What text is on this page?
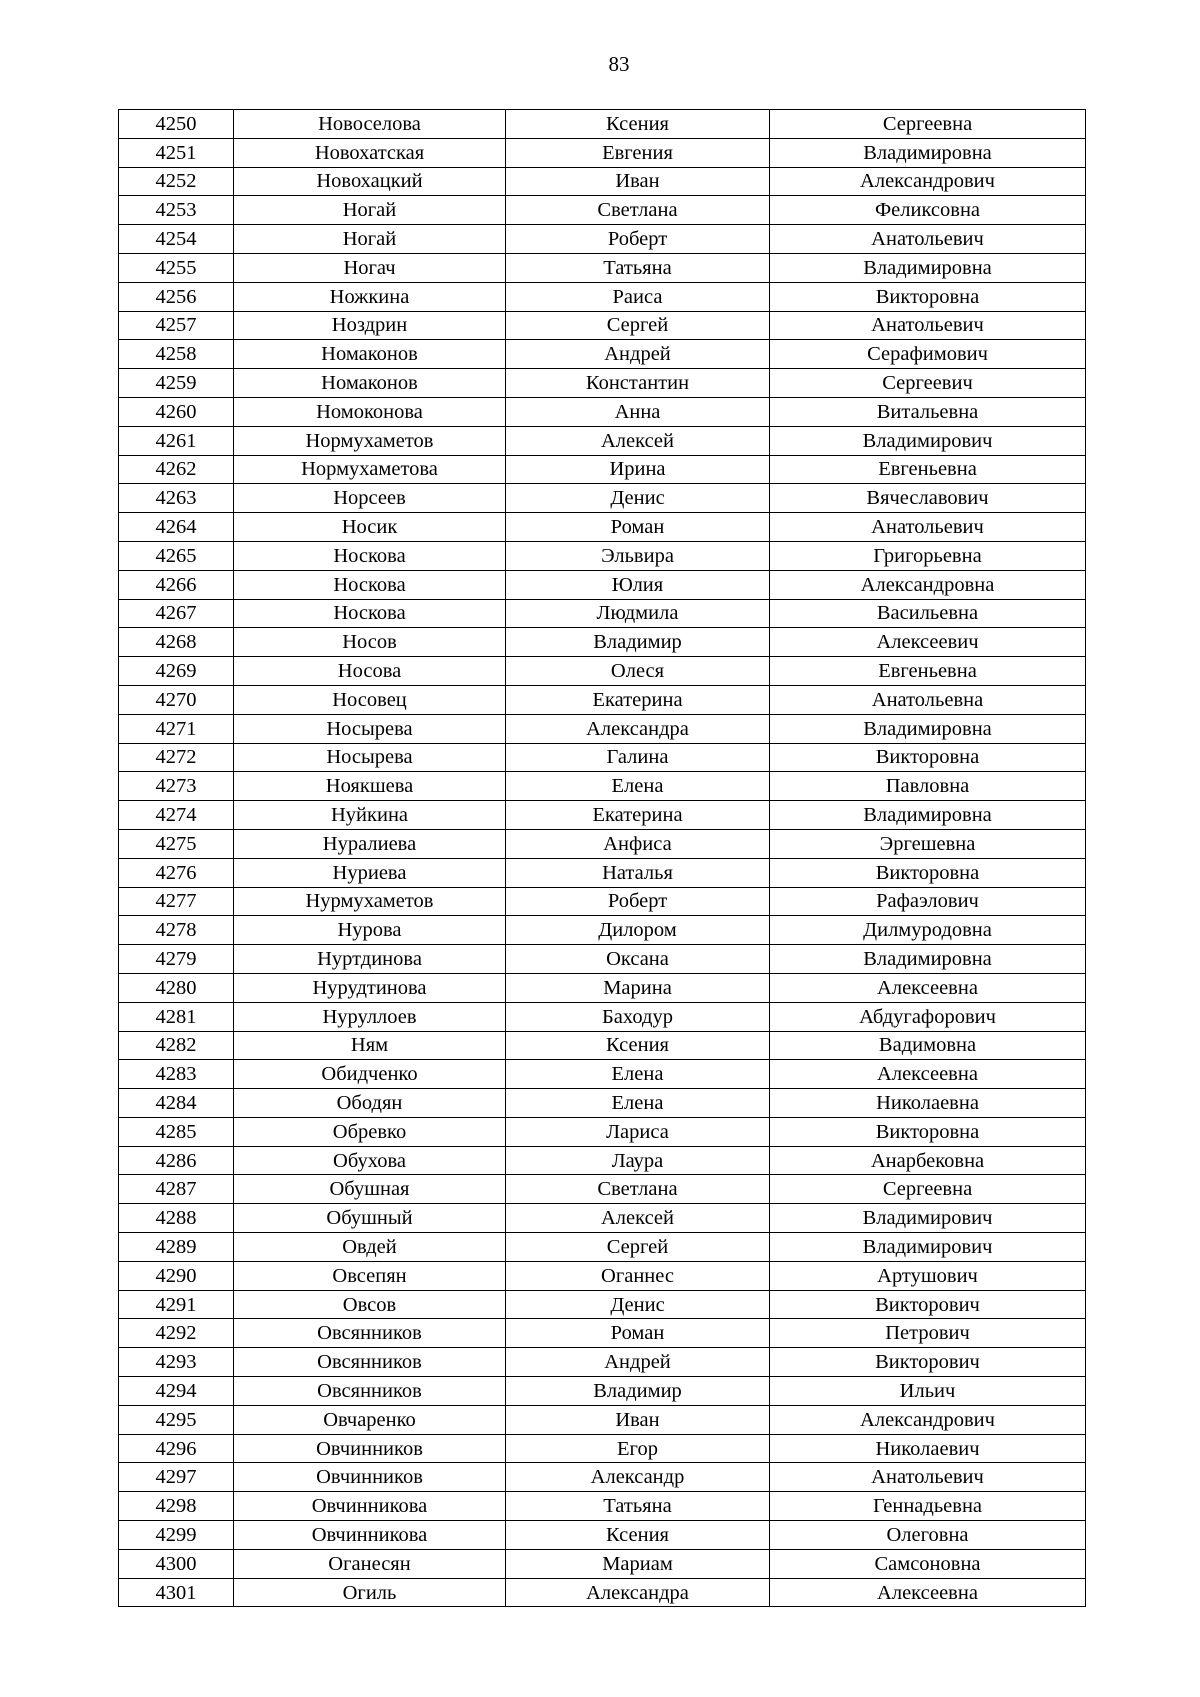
83
4250	Новоселова	Ксения	Сергеевна
4251	Новохатская	Евгения	Владимировна
4252	Новохацкий	Иван	Александрович
4253	Ногай	Светлана	Феликсовна
4254	Ногай	Роберт	Анатольевич
4255	Ногач	Татьяна	Владимировна
4256	Ножкина	Раиса	Викторовна
4257	Ноздрин	Сергей	Анатольевич
4258	Номаконов	Андрей	Серафимович
4259	Номаконов	Константин	Сергеевич
4260	Номоконова	Анна	Витальевна
4261	Нормухаметов	Алексей	Владимирович
4262	Нормухаметова	Ирина	Евгеньевна
4263	Норсеев	Денис	Вячеславович
4264	Носик	Роман	Анатольевич
4265	Носкова	Эльвира	Григорьевна
4266	Носкова	Юлия	Александровна
4267	Носкова	Людмила	Васильевна
4268	Носов	Владимир	Алексеевич
4269	Носова	Олеся	Евгеньевна
4270	Носовец	Екатерина	Анатольевна
4271	Носырева	Александра	Владимировна
4272	Носырева	Галина	Викторовна
4273	Ноякшева	Елена	Павловна
4274	Нуйкина	Екатерина	Владимировна
4275	Нуралиева	Анфиса	Эргешевна
4276	Нуриева	Наталья	Викторовна
4277	Нурмухаметов	Роберт	Рафаэлович
4278	Нурова	Дилором	Дилмуродовна
4279	Нуртдинова	Оксана	Владимировна
4280	Нурудтинова	Марина	Алексеевна
4281	Нуруллоев	Баходур	Абдугафорович
4282	Ням	Ксения	Вадимовна
4283	Обидченко	Елена	Алексеевна
4284	Ободян	Елена	Николаевна
4285	Обревко	Лариса	Викторовна
4286	Обухова	Лаура	Анарбековна
4287	Обушная	Светлана	Сергеевна
4288	Обушный	Алексей	Владимирович
4289	Овдей	Сергей	Владимирович
4290	Овсепян	Оганнес	Артушович
4291	Овсов	Денис	Викторович
4292	Овсянников	Роман	Петрович
4293	Овсянников	Андрей	Викторович
4294	Овсянников	Владимир	Ильич
4295	Овчаренко	Иван	Александрович
4296	Овчинников	Егор	Николаевич
4297	Овчинников	Александр	Анатольевич
4298	Овчинникова	Татьяна	Геннадьевна
4299	Овчинникова	Ксения	Олеговна
4300	Оганесян	Мариам	Самсоновна
4301	Огиль	Александра	Алексеевна
